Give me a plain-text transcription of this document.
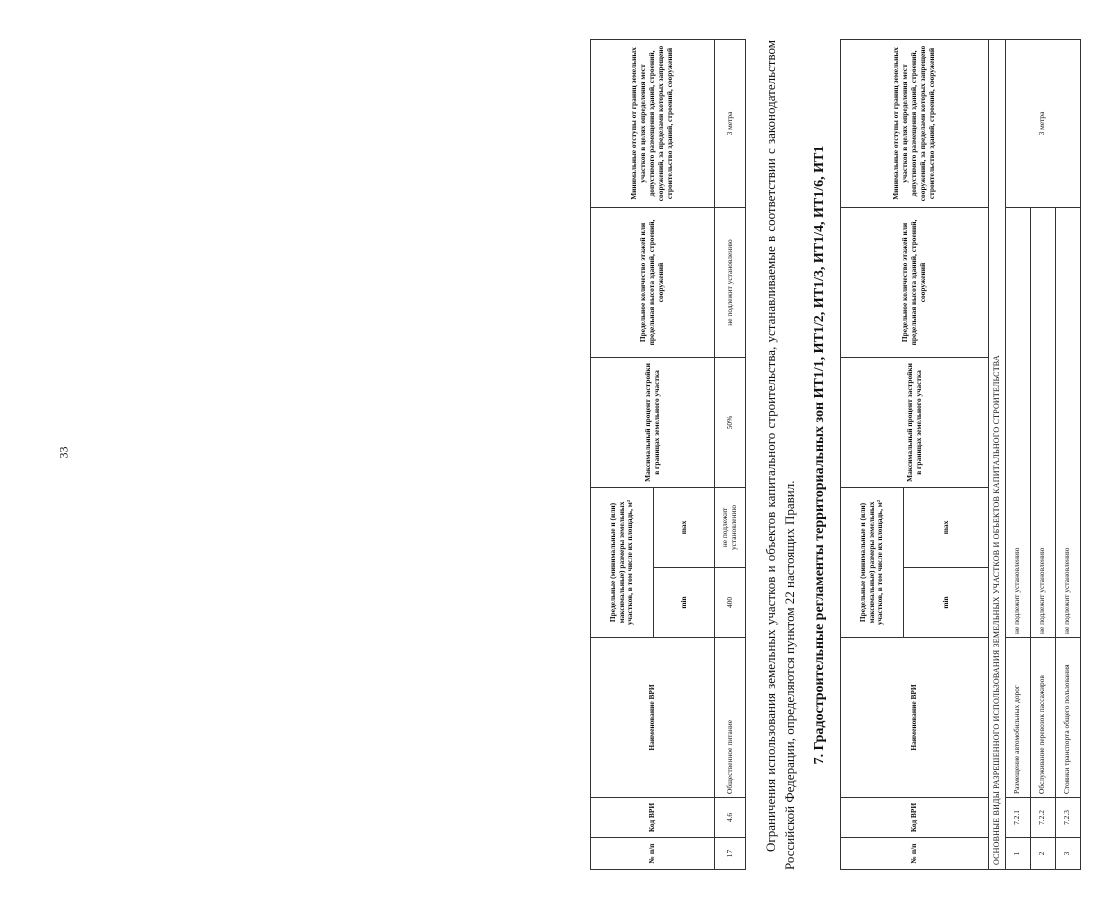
33
№ п/п	Код ВРИ	Наименование ВРИ	Предельные (минимальные и (или) максимальные) размеры земельных участков, в том числе их площадь, м²		Максимальный процент застройки в границах земельного участка	Предельное количество этажей или предельная высота зданий, строений, сооружений	Минимальные отступы от границ земельных участков в целях определения мест допустимого размещения зданий, строений, сооружений, за пределами которых запрещено строительство зданий, строений, сооружений
			min	max			
17	4.6	Общественное питание	400	не подлежит установлению	50%	не подлежит установлению	3 метра Ограничения использования земельных участков и объектов капитального строительства, устанавливаемые в соответствии с законодательством Российской Федерации, определяются пунктом 22 настоящих Правил. 7. Градостроительные регламенты территориальных зон ИТ1/1, ИТ1/2, ИТ1/3, ИТ1/4, ИТ1/6, ИТ1
№ п/п	Код ВРИ	Наименование ВРИ	Предельные (минимальные и (или) максимальные) размеры земельных участков, в том числе их площадь, м²		Максимальный процент застройки в границах земельного участка	Предельное количество этажей или предельная высота зданий, строений, сооружений	Минимальные отступы от границ земельных участков в целях определения мест допустимого размещения зданий, строений, сооружений, за пределами которых запрещено строительство зданий, строений, сооружений
			min	max			
ОСНОВНЫЕ ВИДЫ РАЗРЕШЕННОГО ИСПОЛЬЗОВАНИЯ ЗЕМЕЛЬНЫХ УЧАСТКОВ И ОБЪЕКТОВ КАПИТАЛЬНОГО СТРОИТЕЛЬСТВА							
1	7.2.1	Размещение автомобильных дорог	не подлежит установлению				3 метра
2	7.2.2	Обслуживание перевозок пассажиров	не подлежит установлению				
3	7.2.3	Стоянки транспорта общего пользования	не подлежит установлению				
